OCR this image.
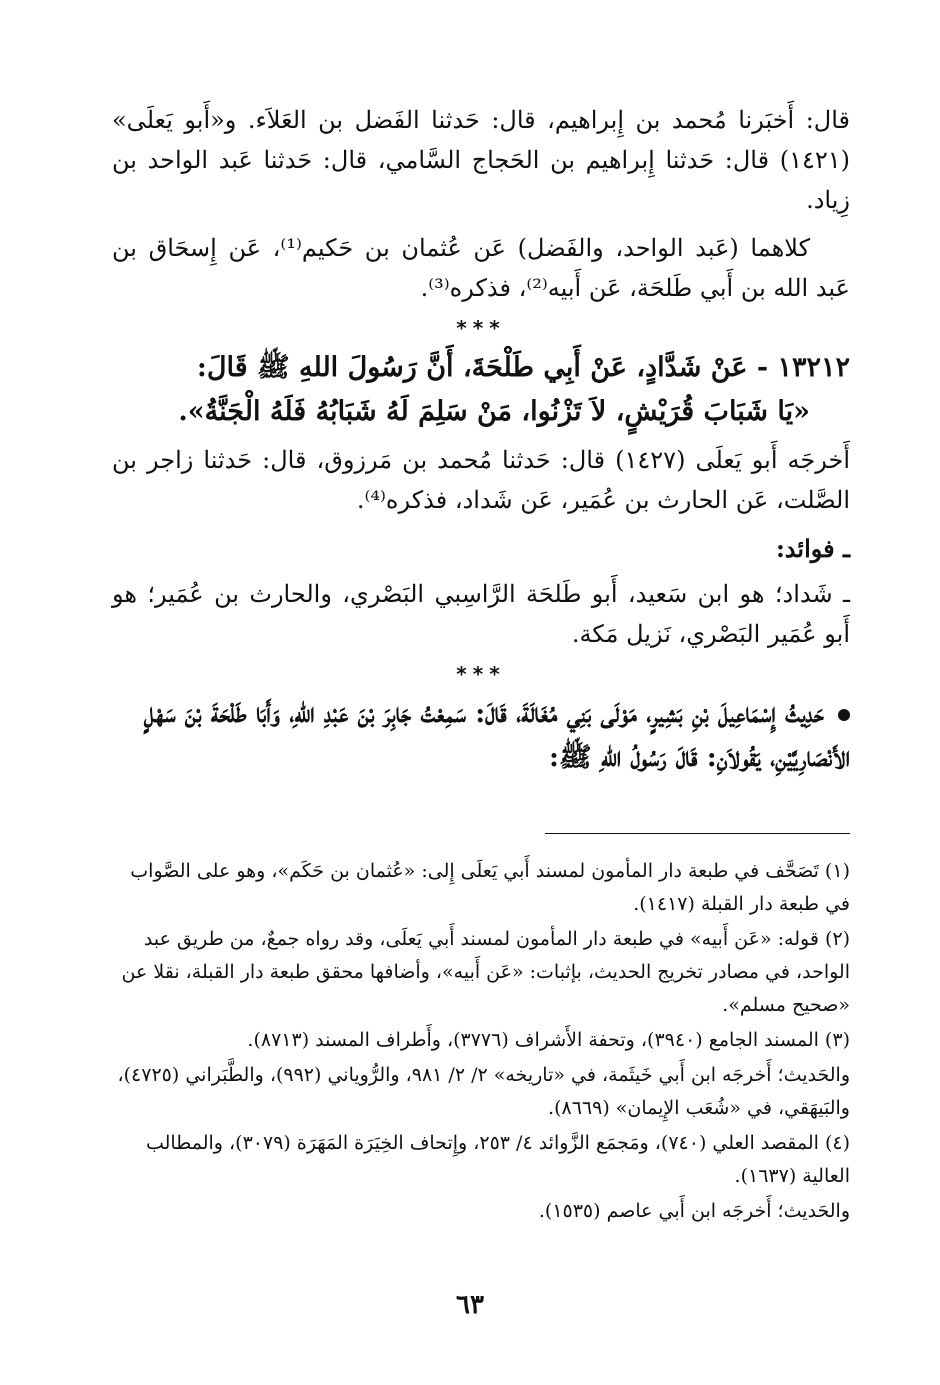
قال: أَخبَرنا مُحمد بن إِبراهيم، قال: حَدثنا الفَضل بن العَلاَء. و«أَبو يَعلَى» (١٤٢١) قال: حَدثنا إِبراهيم بن الحَجاج السَّامي، قال: حَدثنا عَبد الواحد بن زِياد.
كلاهما (عَبد الواحد، والفَضل) عَن عُثمان بن حَكيم⁽¹⁾، عَن إِسحَاق بن عَبد الله بن أَبي طَلحَة، عَن أَبيه⁽²⁾، فذكره⁽³⁾.
***
١٣٢١٢ - عَنْ شَدَّادٍ، عَنْ أَبِي طَلْحَةَ، أَنَّ رَسُولَ اللهِ ﷺ قَالَ:
«يَا شَبَابَ قُرَيْشٍ، لاَ تَزْنُوا، مَنْ سَلِمَ لَهُ شَبَابُهُ فَلَهُ الْجَنَّةُ».
أَخرجَه أَبو يَعلَى (١٤٢٧) قال: حَدثنا مُحمد بن مَرزوق، قال: حَدثنا زاجر بن الصَّلت، عَن الحارث بن عُمَير، عَن شَداد، فذكره⁽⁴⁾.
ـ فوائد:
ـ شَداد؛ هو ابن سَعيد، أَبو طَلحَة الرَّاسِبي البَصْري، والحارث بن عُمَير؛ هو أَبو عُمَير البَصْري، نَزيل مَكة.
***
حَدِيثُ إِسْمَاعِيلَ بْنِ بَشِيرٍ، مَوْلَى بَنِي مُغَالَةَ، قَالَ: سَمِعْتُ جَابِرَ بْنَ عَبْدِ اللهِ، وَأَبَا طَلْحَةَ بْنَ سَهْلٍ الأَنْصَارِيَّيْنِ، يَقُولاَنِ: قَالَ رَسُولُ اللهِ ﷺ:
(١) تَصَحَّف في طبعة دار المأمون لمسند أَبي يَعلَى إِلى: «عُثمان بن حَكَم»، وهو على الصَّواب في طبعة دار القبلة (١٤١٧).
(٢) قوله: «عَن أَبيه» في طبعة دار المأمون لمسند أَبي يَعلَى، وقد رواه جمعٌ، من طريق عبد الواحد، في مصادر تخريج الحديث، بإثبات: «عَن أَبيه»، وأضافها محقق طبعة دار القبلة، نقلا عن «صحيح مسلم».
(٣) المسند الجامع (٣٩٤٠)، وتحفة الأَشراف (٣٧٧٦)، وأَطراف المسند (٨٧١٣).
والحَديث؛ أَخرجَه ابن أَبي خَيثَمة، في «تاريخه» ٢/ ٢/ ٩٨١، والرُّوياني (٩٩٢)، والطَّبَراني (٤٧٢٥)، والبَيهَقي، في «شُعَب الإِيمان» (٨٦٦٩).
(٤) المقصد العلي (٧٤٠)، ومَجمَع الزَّوائد ٤/ ٢٥٣، وإِتحاف الخِيَرَة المَهَرَة (٣٠٧٩)، والمطالب العالية (١٦٣٧).
والحَديث؛ أَخرجَه ابن أَبي عاصم (١٥٣٥).
٦٣
